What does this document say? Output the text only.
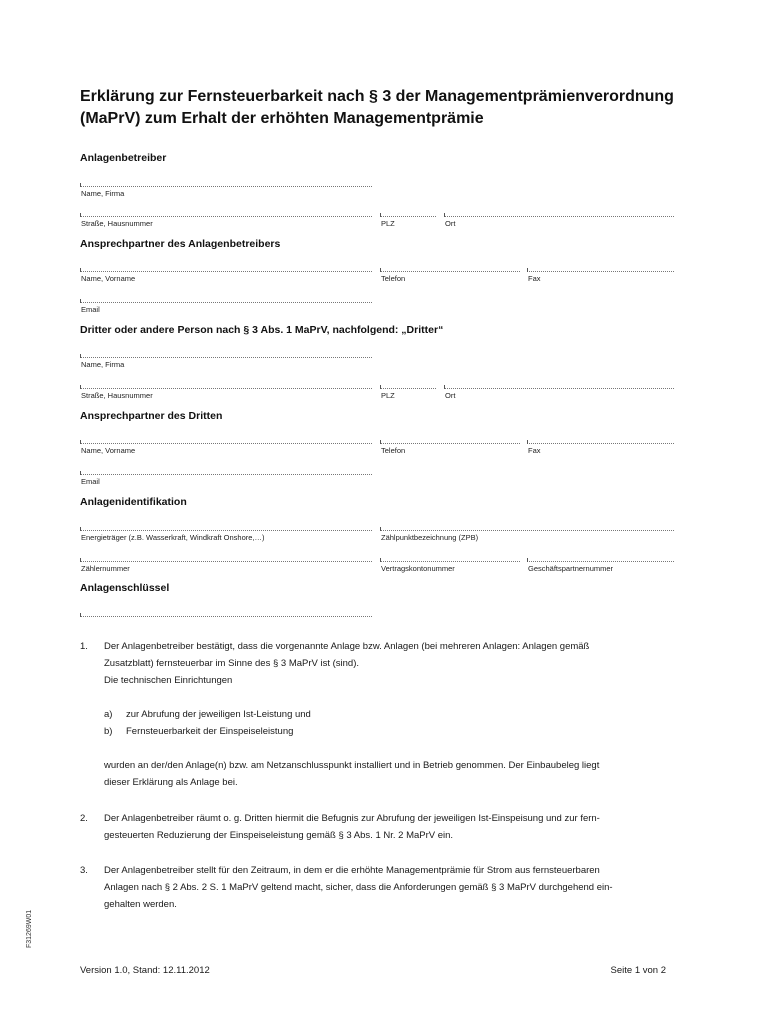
Erklärung zur Fernsteuerbarkeit nach § 3 der Managementprämienverordnung
(MaPrV) zum Erhalt der erhöhten Managementprämie
Anlagenbetreiber
Name, Firma
Straße, Hausnummer	PLZ	Ort
Ansprechpartner des Anlagenbetreibers
Name, Vorname	Telefon	Fax
Email
Dritter oder andere Person nach § 3 Abs. 1 MaPrV, nachfolgend: „Dritter“
Name, Firma
Straße, Hausnummer	PLZ	Ort
Ansprechpartner des Dritten
Name, Vorname	Telefon	Fax
Email
Anlagenidentifikation
Energieträger (z.B. Wasserkraft, Windkraft Onshore,…)	Zählpunktbezeichnung (ZPB)
Zählernummer	Vertragskontonummer	Geschäftspartnernummer
Anlagenschlüssel
1.	Der Anlagenbetreiber bestätigt, dass die vorgenannte Anlage bzw. Anlagen (bei mehreren Anlagen: Anlagen gemäß
Zusatzblatt) fernsteuerbar im Sinne des § 3 MaPrV ist (sind).
Die technischen Einrichtungen
a) zur Abrufung der jeweiligen Ist-Leistung und
b) Fernsteuerbarkeit der Einspeiseleistung
wurden an der/den Anlage(n) bzw. am Netzanschlusspunkt installiert und in Betrieb genommen. Der Einbaubeleg liegt
dieser Erklärung als Anlage bei.
2.	Der Anlagenbetreiber räumt o. g. Dritten hiermit die Befugnis zur Abrufung der jeweiligen Ist-Einspeisung und zur fern-
gesteuerten Reduzierung der Einspeiseleistung gemäß § 3 Abs. 1 Nr. 2 MaPrV ein.
3.	Der Anlagenbetreiber stellt für den Zeitraum, in dem er die erhöhte Managementprämie für Strom aus fernsteuerbaren
Anlagen nach § 2 Abs. 2 S. 1 MaPrV geltend macht, sicher, dass die Anforderungen gemäß § 3 MaPrV durchgehend ein-
gehalten werden.
F31269W01
Version 1.0, Stand: 12.11.2012	Seite 1 von 2
